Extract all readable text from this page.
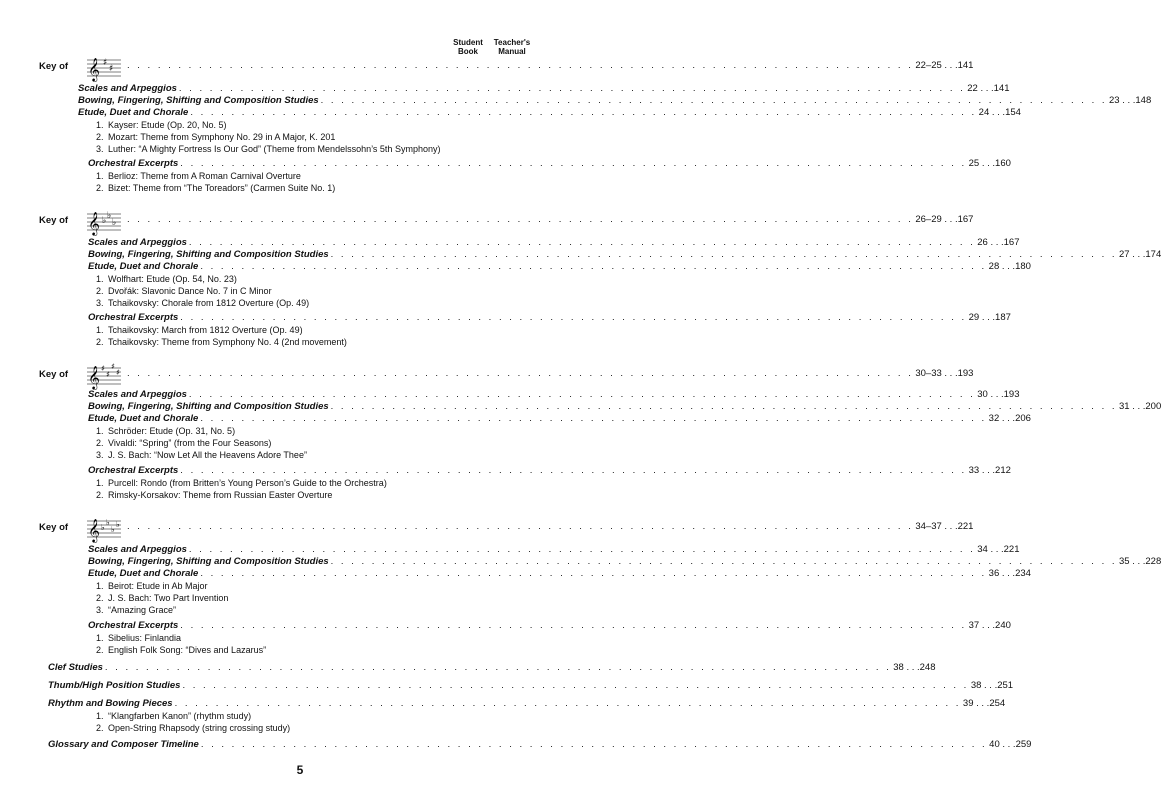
Student Book
Teacher's Manual
Key of 𝄞 ♯
♯ . . . . . . . . . . . . . . . . . . . . . . . . . . . . . . . . . . . . . . . . . . . . . . . . . . . . . . . . . . . . . . . . . . . . . . . . . . . . . 22–25 . . .141
Scales and Arpeggios . . . . . . . . . . . . . . . . . . . . . . . . . . . . . . . . . . . . . . . . . . . . . . . . . . . . . . . . . . . . . . . . . . . . . . . . . . . . . 22 . . .141
Bowing, Fingering, Shifting and Composition Studies . . . . . . . . . . . . . . . . . . . . . . . . . . . . . . . . . . . . . . . . . . . . . . . . . . . . . . . . . . . . . . . . . . . . . . . . . . . . . 23 . . .148
Etude, Duet and Chorale . . . . . . . . . . . . . . . . . . . . . . . . . . . . . . . . . . . . . . . . . . . . . . . . . . . . . . . . . . . . . . . . . . . . . . . . . . . . . 24 . . .154
1. Kayser: Etude (Op. 20, No. 5)
2. Mozart: Theme from Symphony No. 29 in A Major, K. 201
3. Luther: “A Mighty Fortress Is Our God” (Theme from Mendelssohn’s 5th Symphony)
Orchestral Excerpts . . . . . . . . . . . . . . . . . . . . . . . . . . . . . . . . . . . . . . . . . . . . . . . . . . . . . . . . . . . . . . . . . . . . . . . . . . . . . 25 . . .160
1. Berlioz: Theme from A Roman Carnival Overture
2. Bizet: Theme from “The Toreadors” (Carmen Suite No. 1)
Key of 𝄞 ♭ ♭
♭ . . . . . . . . . . . . . . . . . . . . . . . . . . . . . . . . . . . . . . . . . . . . . . . . . . . . . . . . . . . . . . . . . . . . . . . . . . . . . 26–29 . . .167
Scales and Arpeggios . . . . . . . . . . . . . . . . . . . . . . . . . . . . . . . . . . . . . . . . . . . . . . . . . . . . . . . . . . . . . . . . . . . . . . . . . . . . . 26 . . .167
Bowing, Fingering, Shifting and Composition Studies . . . . . . . . . . . . . . . . . . . . . . . . . . . . . . . . . . . . . . . . . . . . . . . . . . . . . . . . . . . . . . . . . . . . . . . . . . . . . 27 . . .174
Etude, Duet and Chorale . . . . . . . . . . . . . . . . . . . . . . . . . . . . . . . . . . . . . . . . . . . . . . . . . . . . . . . . . . . . . . . . . . . . . . . . . . . . . 28 . . .180
1. Wolfhart: Etude (Op. 54, No. 23)
2. Dvořák: Slavonic Dance No. 7 in C Minor
3. Tchaikovsky: Chorale from 1812 Overture (Op. 49)
Orchestral Excerpts . . . . . . . . . . . . . . . . . . . . . . . . . . . . . . . . . . . . . . . . . . . . . . . . . . . . . . . . . . . . . . . . . . . . . . . . . . . . . 29 . . .187
1. Tchaikovsky: March from 1812 Overture (Op. 49)
2. Tchaikovsky: Theme from Symphony No. 4 (2nd movement)
Key of 𝄞 ♯
♯
♯
♯ . . . . . . . . . . . . . . . . . . . . . . . . . . . . . . . . . . . . . . . . . . . . . . . . . . . . . . . . . . . . . . . . . . . . . . . . . . . . . 30–33 . . .193
Scales and Arpeggios . . . . . . . . . . . . . . . . . . . . . . . . . . . . . . . . . . . . . . . . . . . . . . . . . . . . . . . . . . . . . . . . . . . . . . . . . . . . . 30 . . .193
Bowing, Fingering, Shifting and Composition Studies . . . . . . . . . . . . . . . . . . . . . . . . . . . . . . . . . . . . . . . . . . . . . . . . . . . . . . . . . . . . . . . . . . . . . . . . . . . . . 31 . . .200
Etude, Duet and Chorale . . . . . . . . . . . . . . . . . . . . . . . . . . . . . . . . . . . . . . . . . . . . . . . . . . . . . . . . . . . . . . . . . . . . . . . . . . . . . 32 . . .206
1. Schröder: Etude (Op. 31, No. 5)
2. Vivaldi: “Spring” (from the Four Seasons)
3. J. S. Bach: “Now Let All the Heavens Adore Thee”
Orchestral Excerpts . . . . . . . . . . . . . . . . . . . . . . . . . . . . . . . . . . . . . . . . . . . . . . . . . . . . . . . . . . . . . . . . . . . . . . . . . . . . . 33 . . .212
1. Purcell: Rondo (from Britten’s Young Person’s Guide to the Orchestra)
2. Rimsky-Korsakov: Theme from Russian Easter Overture
Key of 𝄞 ♭
♭
♭
♭ . . . . . . . . . . . . . . . . . . . . . . . . . . . . . . . . . . . . . . . . . . . . . . . . . . . . . . . . . . . . . . . . . . . . . . . . . . . . . 34–37 . . .221
Scales and Arpeggios . . . . . . . . . . . . . . . . . . . . . . . . . . . . . . . . . . . . . . . . . . . . . . . . . . . . . . . . . . . . . . . . . . . . . . . . . . . . . 34 . . .221
Bowing, Fingering, Shifting and Composition Studies . . . . . . . . . . . . . . . . . . . . . . . . . . . . . . . . . . . . . . . . . . . . . . . . . . . . . . . . . . . . . . . . . . . . . . . . . . . . . 35 . . .228
Etude, Duet and Chorale . . . . . . . . . . . . . . . . . . . . . . . . . . . . . . . . . . . . . . . . . . . . . . . . . . . . . . . . . . . . . . . . . . . . . . . . . . . . . 36 . . .234
1. Beirot: Etude in Ab Major
2. J. S. Bach: Two Part Invention
3. “Amazing Grace”
Orchestral Excerpts . . . . . . . . . . . . . . . . . . . . . . . . . . . . . . . . . . . . . . . . . . . . . . . . . . . . . . . . . . . . . . . . . . . . . . . . . . . . . 37 . . .240
1. Sibelius: Finlandia
2. English Folk Song: “Dives and Lazarus”
Clef Studies . . . . . . . . . . . . . . . . . . . . . . . . . . . . . . . . . . . . . . . . . . . . . . . . . . . . . . . . . . . . . . . . . . . . . . . . . . . . . 38 . . .248
Thumb/High Position Studies . . . . . . . . . . . . . . . . . . . . . . . . . . . . . . . . . . . . . . . . . . . . . . . . . . . . . . . . . . . . . . . . . . . . . . . . . . . . . 38 . . .251
Rhythm and Bowing Pieces . . . . . . . . . . . . . . . . . . . . . . . . . . . . . . . . . . . . . . . . . . . . . . . . . . . . . . . . . . . . . . . . . . . . . . . . . . . . . 39 . . .254
1. “Klangfarben Kanon” (rhythm study)
2. Open-String Rhapsody (string crossing study)
Glossary and Composer Timeline . . . . . . . . . . . . . . . . . . . . . . . . . . . . . . . . . . . . . . . . . . . . . . . . . . . . . . . . . . . . . . . . . . . . . . . . . . . . . 40 . . .259
5
